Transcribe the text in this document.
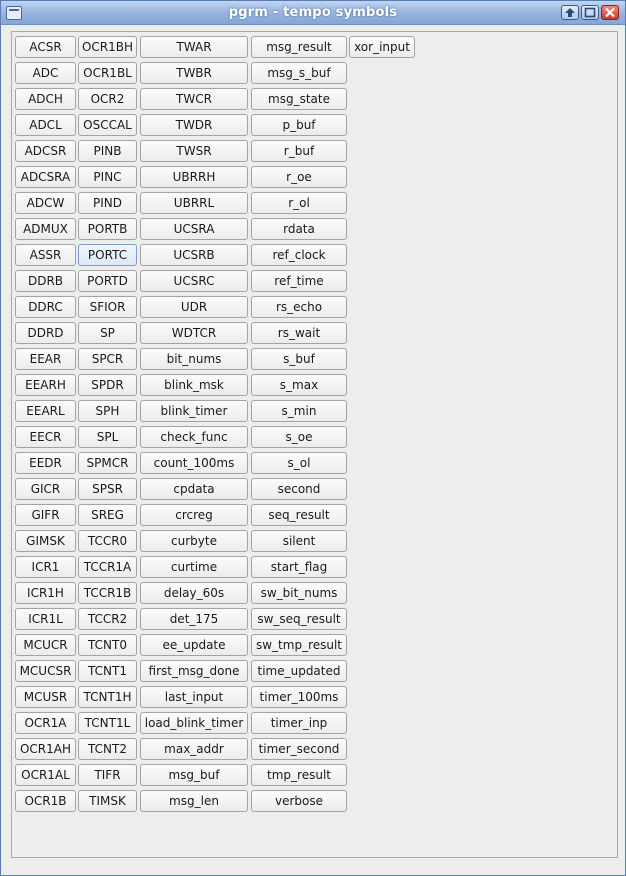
pgrm - tempo symbols
ACSR
ADC
ADCH
ADCL
ADCSR
ADCSRA
ADCW
ADMUX
ASSR
DDRB
DDRC
DDRD
EEAR
EEARH
EEARL
EECR
EEDR
GICR
GIFR
GIMSK
ICR1
ICR1H
ICR1L
MCUCR
MCUCSR
MCUSR
OCR1A
OCR1AH
OCR1AL
OCR1B
OCR1BH
OCR1BL
OCR2
OSCCAL
PINB
PINC
PIND
PORTB
PORTC
PORTD
SFIOR
SP
SPCR
SPDR
SPH
SPL
SPMCR
SPSR
SREG
TCCR0
TCCR1A
TCCR1B
TCCR2
TCNT0
TCNT1
TCNT1H
TCNT1L
TCNT2
TIFR
TIMSK
TWAR
TWBR
TWCR
TWDR
TWSR
UBRRH
UBRRL
UCSRA
UCSRB
UCSRC
UDR
WDTCR
bit_nums
blink_msk
blink_timer
check_func
count_100ms
cpdata
crcreg
curbyte
curtime
delay_60s
det_175
ee_update
first_msg_done
last_input
load_blink_timer
max_addr
msg_buf
msg_len
msg_result
msg_s_buf
msg_state
p_buf
r_buf
r_oe
r_ol
rdata
ref_clock
ref_time
rs_echo
rs_wait
s_buf
s_max
s_min
s_oe
s_ol
second
seq_result
silent
start_flag
sw_bit_nums
sw_seq_result
sw_tmp_result
time_updated
timer_100ms
timer_inp
timer_second
tmp_result
verbose
xor_input
